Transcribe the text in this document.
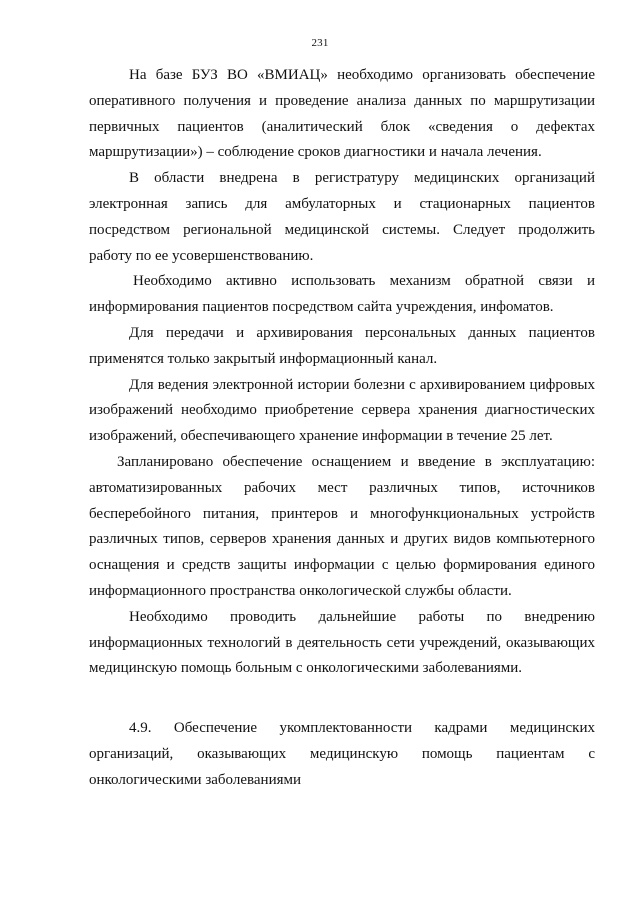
231

На базе БУЗ ВО «ВМИАЦ» необходимо организовать обеспечение оперативного получения и проведение анализа данных по маршрутизации первичных пациентов (аналитический блок «сведения о дефектах маршрутизации») – соблюдение сроков диагностики и начала лечения.

В области внедрена в регистратуру медицинских организаций электронная запись для амбулаторных и стационарных пациентов посредством региональной медицинской системы. Следует продолжить работу по ее усовершенствованию.

Необходимо активно использовать механизм обратной связи и информирования пациентов посредством сайта учреждения, инфоматов.

Для передачи и архивирования персональных данных пациентов применятся только закрытый информационный канал.

Для ведения электронной истории болезни с архивированием цифровых изображений необходимо приобретение сервера хранения диагностических изображений, обеспечивающего хранение информации в течение 25 лет.

Запланировано обеспечение оснащением и введение в эксплуатацию: автоматизированных рабочих мест различных типов, источников бесперебойного питания, принтеров и многофункциональных устройств различных типов, серверов хранения данных и других видов компьютерного оснащения и средств защиты информации с целью формирования единого информационного пространства онкологической службы области.

Необходимо проводить дальнейшие работы по внедрению информационных технологий в деятельность сети учреждений, оказывающих медицинскую помощь больным с онкологическими заболеваниями.

4.9. Обеспечение укомплектованности кадрами медицинских организаций, оказывающих медицинскую помощь пациентам с онкологическими заболеваниями
